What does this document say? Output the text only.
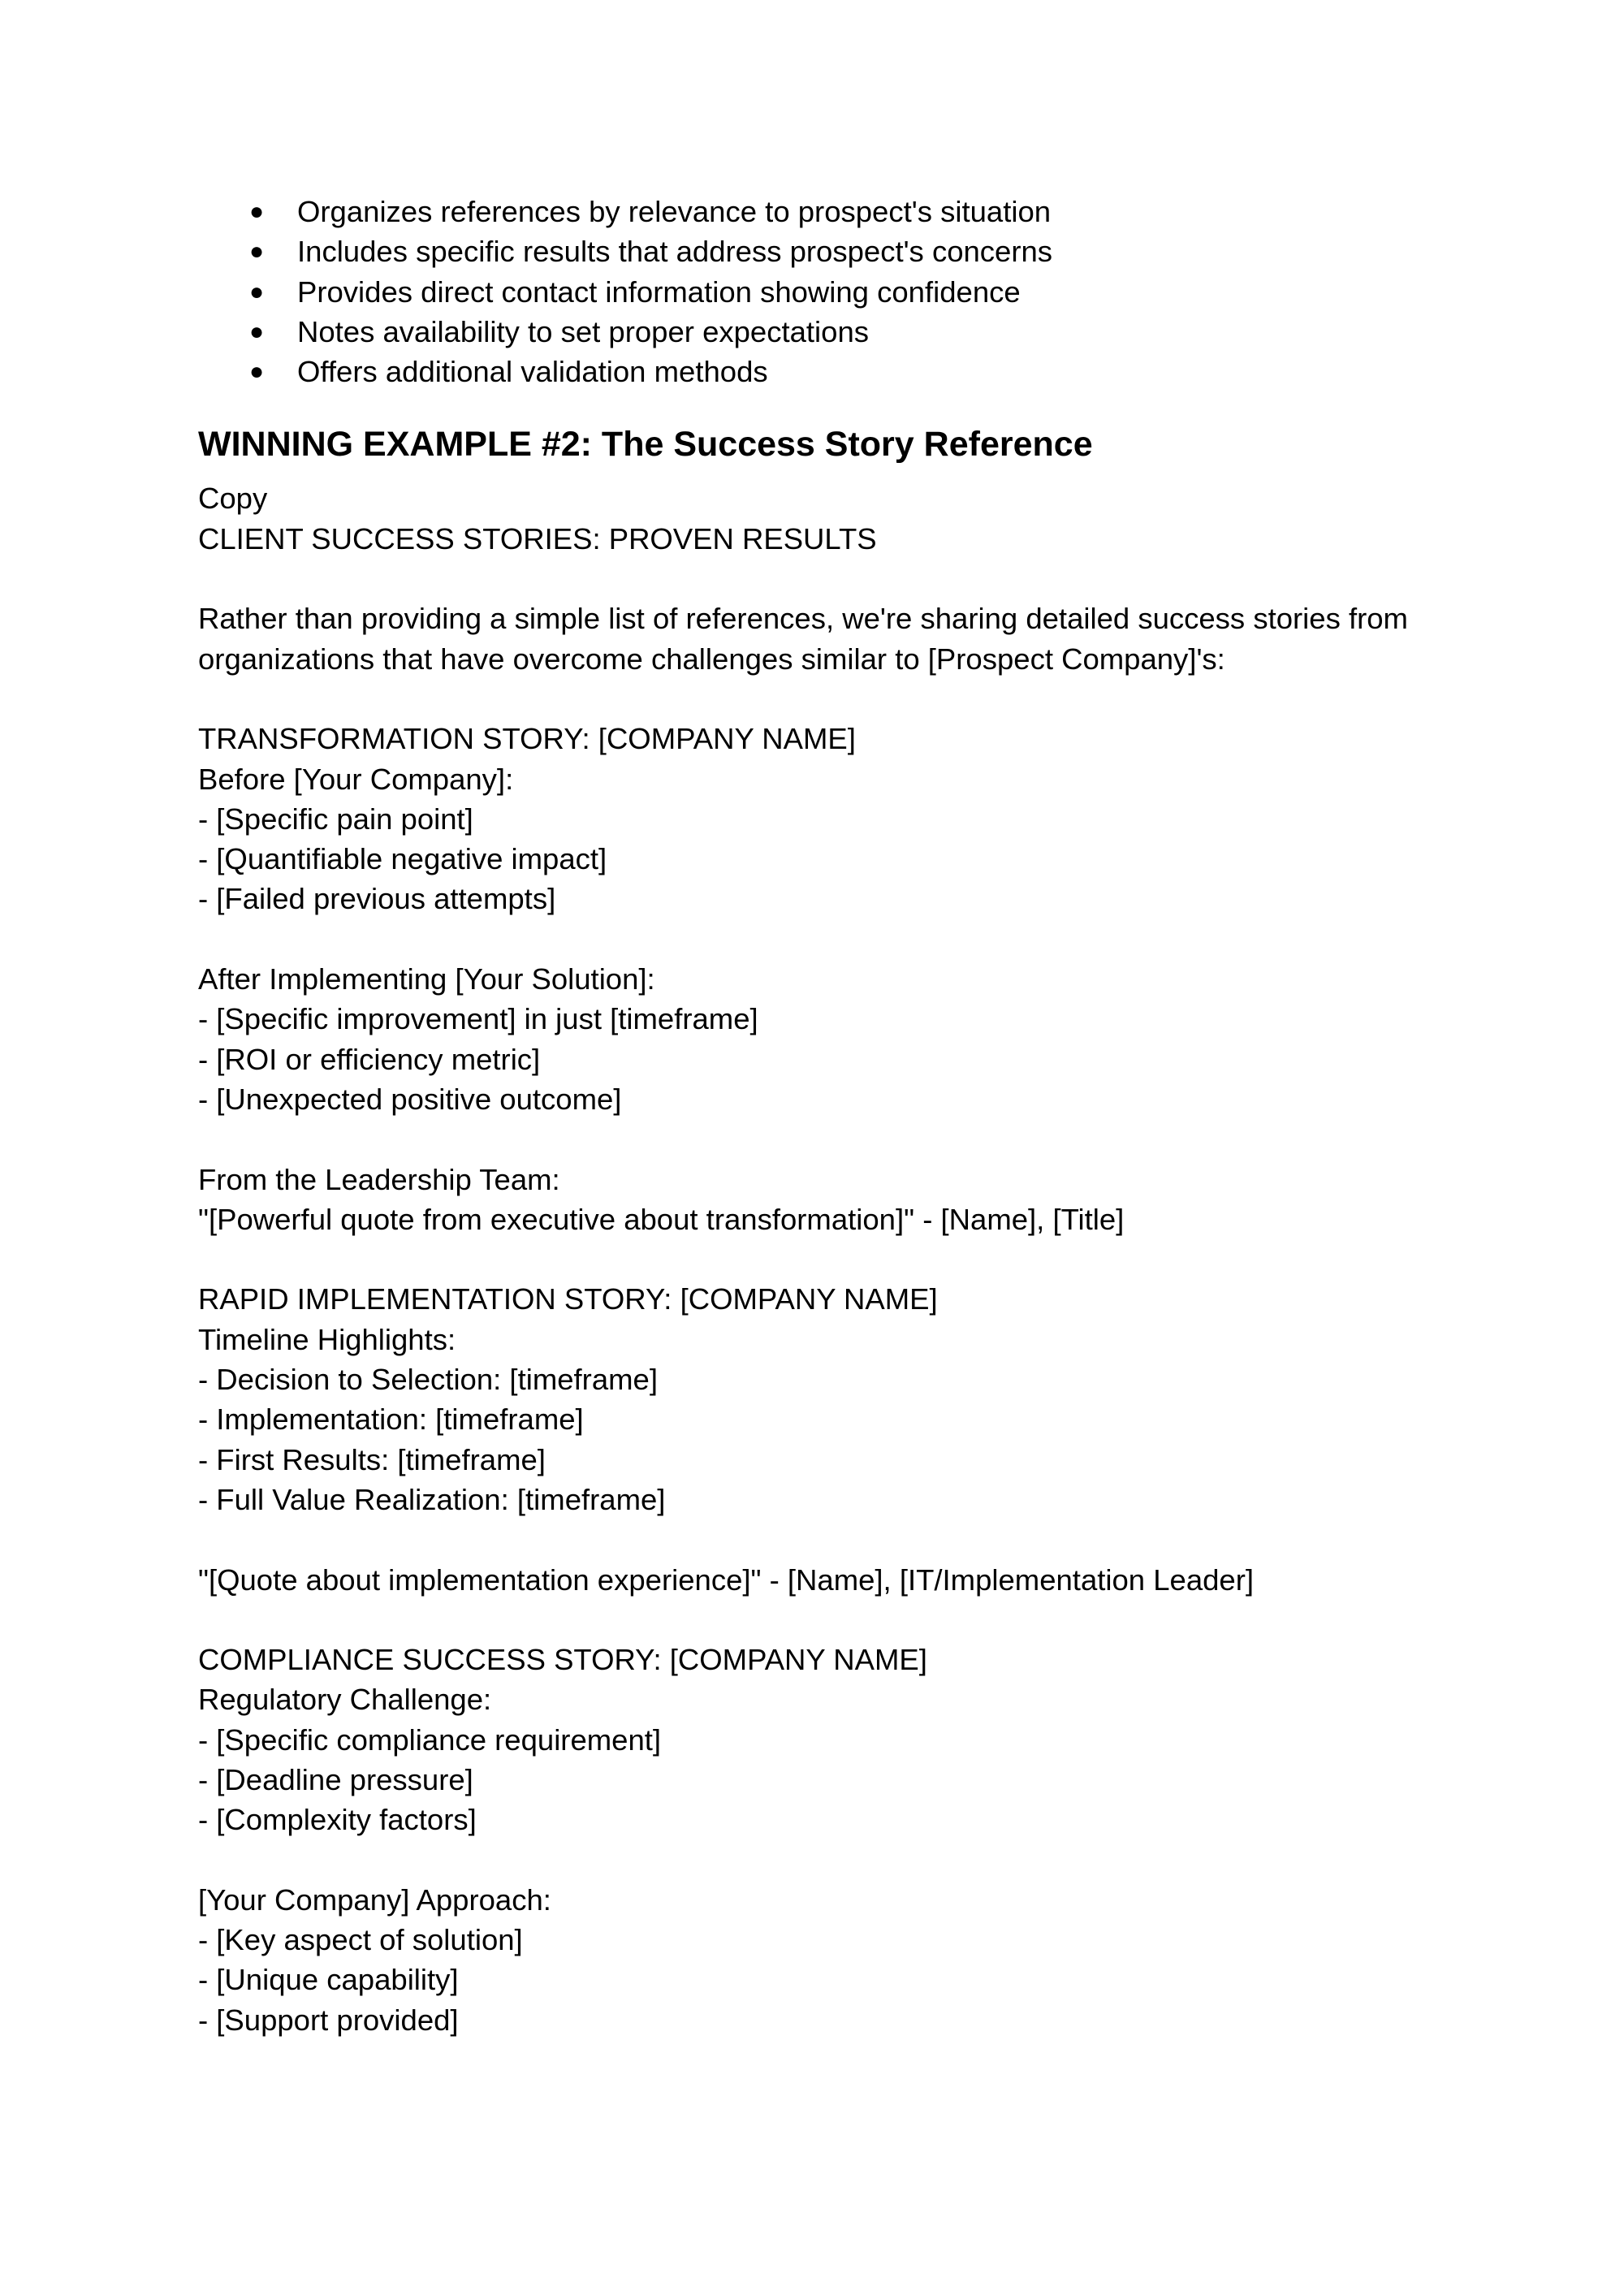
● Organizes references by relevance to prospect's situation
● Includes specific results that address prospect's concerns
● Provides direct contact information showing confidence
● Notes availability to set proper expectations
● Offers additional validation methods
WINNING EXAMPLE #2: The Success Story Reference
Copy
CLIENT SUCCESS STORIES: PROVEN RESULTS
Rather than providing a simple list of references, we're sharing detailed success stories from organizations that have overcome challenges similar to [Prospect Company]'s:
TRANSFORMATION STORY: [COMPANY NAME]
Before [Your Company]:
- [Specific pain point]
- [Quantifiable negative impact]
- [Failed previous attempts]
After Implementing [Your Solution]:
- [Specific improvement] in just [timeframe]
- [ROI or efficiency metric]
- [Unexpected positive outcome]
From the Leadership Team:
"[Powerful quote from executive about transformation]" - [Name], [Title]
RAPID IMPLEMENTATION STORY: [COMPANY NAME]
Timeline Highlights:
- Decision to Selection: [timeframe]
- Implementation: [timeframe]
- First Results: [timeframe]
- Full Value Realization: [timeframe]
"[Quote about implementation experience]" - [Name], [IT/Implementation Leader]
COMPLIANCE SUCCESS STORY: [COMPANY NAME]
Regulatory Challenge:
- [Specific compliance requirement]
- [Deadline pressure]
- [Complexity factors]
[Your Company] Approach:
- [Key aspect of solution]
- [Unique capability]
- [Support provided]
